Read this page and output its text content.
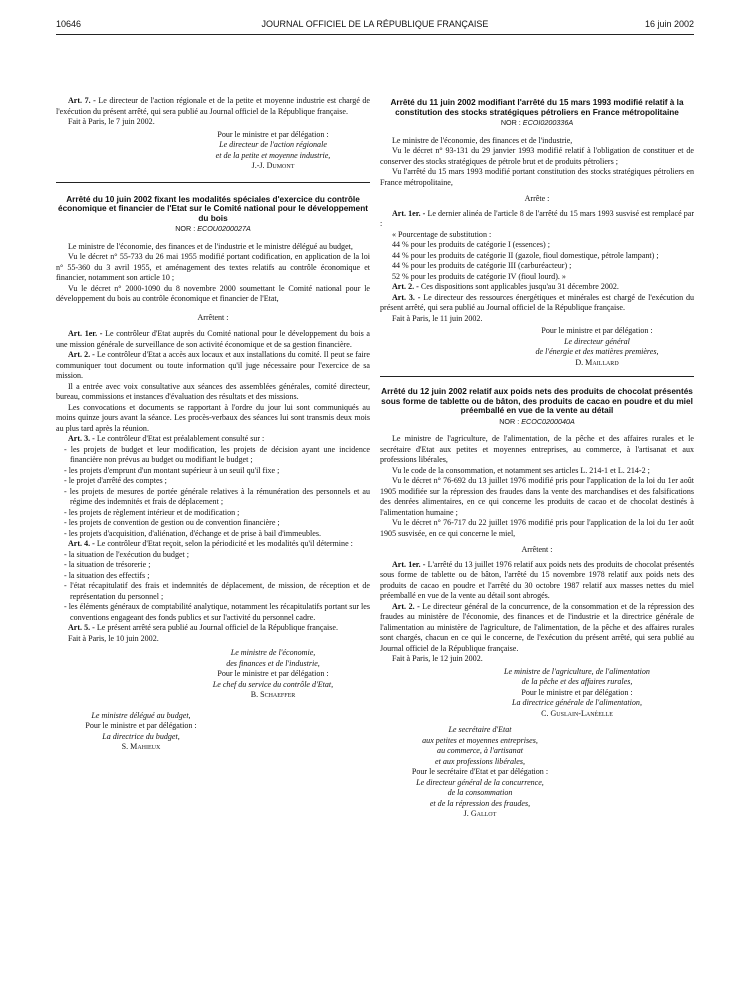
10646	JOURNAL OFFICIEL DE LA RÉPUBLIQUE FRANÇAISE	16 juin 2002

Art. 7. - Le directeur de l'action régionale et de la petite et moyenne industrie est chargé de l'exécution du présent arrêté, qui sera publié au Journal officiel de la République française.

Fait à Paris, le 7 juin 2002.

Pour le ministre et par délégation :

Le directeur de l'action régionale

et de la petite et moyenne industrie,

J.-J. Dumont

Arrêté du 10 juin 2002 fixant les modalités spéciales d'exercice du contrôle économique et financier de l'Etat sur le Comité national pour le développement du bois

NOR : ECOU0200027A

Le ministre de l'économie, des finances et de l'industrie et le ministre délégué au budget,

Vu le décret n° 55-733 du 26 mai 1955 modifié portant codification, en application de la loi n° 55-360 du 3 avril 1955, et aménagement des textes relatifs au contrôle économique et financier, notamment son article 10 ;

Vu le décret n° 2000-1090 du 8 novembre 2000 soumettant le Comité national pour le développement du bois au contrôle économique et financier de l'Etat,

Arrêtent :

Art. 1er. - Le contrôleur d'Etat auprès du Comité national pour le développement du bois a une mission générale de surveillance de son activité économique et de sa gestion financière.

Art. 2. - Le contrôleur d'Etat a accès aux locaux et aux installations du comité. Il peut se faire communiquer tout document ou toute information qu'il juge nécessaire pour l'exercice de sa mission.

Il a entrée avec voix consultative aux séances des assemblées générales, comité directeur, bureau, commissions et instances d'évaluation des résultats et des missions.

Les convocations et documents se rapportant à l'ordre du jour lui sont communiqués au moins quinze jours avant la séance. Les procès-verbaux des séances lui sont transmis deux mois au plus tard après la réunion.

Art. 3. - Le contrôleur d'Etat est préalablement consulté sur :

- les projets de budget et leur modification, les projets de décision ayant une incidence financière non prévus au budget ou modifiant le budget ;

- les projets d'emprunt d'un montant supérieur à un seuil qu'il fixe ;

- le projet d'arrêté des comptes ;

- les projets de mesures de portée générale relatives à la rémunération des personnels et au régime des indemnités et frais de déplacement ;

- les projets de règlement intérieur et de modification ;

- les projets de convention de gestion ou de convention financière ;

- les projets d'acquisition, d'aliénation, d'échange et de prise à bail d'immeubles.

Art. 4. - Le contrôleur d'Etat reçoit, selon la périodicité et les modalités qu'il détermine :

- la situation de l'exécution du budget ;

- la situation de trésorerie ;

- la situation des effectifs ;

- l'état récapitulatif des frais et indemnités de déplacement, de mission, de réception et de représentation du personnel ;

- les éléments généraux de comptabilité analytique, notamment les récapitulatifs portant sur les conventions engageant des fonds publics et sur l'activité du personnel cadre.

Art. 5. - Le présent arrêté sera publié au Journal officiel de la République française.

Fait à Paris, le 10 juin 2002.

Le ministre de l'économie,

des finances et de l'industrie,

Pour le ministre et par délégation :

Le chef du service du contrôle d'Etat,

B. Schaeffer

Le ministre délégué au budget,

Pour le ministre et par délégation :

La directrice du budget,

S. Mahieux

Arrêté du 11 juin 2002 modifiant l'arrêté du 15 mars 1993 modifié relatif à la constitution des stocks stratégiques pétroliers en France métropolitaine

NOR : ECOI0200336A

Le ministre de l'économie, des finances et de l'industrie,

Vu le décret n° 93-131 du 29 janvier 1993 modifié relatif à l'obligation de constituer et de conserver des stocks stratégiques de pétrole brut et de produits pétroliers ;

Vu l'arrêté du 15 mars 1993 modifié portant constitution des stocks stratégiques pétroliers en France métropolitaine,

Arrête :

Art. 1er. - Le dernier alinéa de l'article 8 de l'arrêté du 15 mars 1993 susvisé est remplacé par :

« Pourcentage de substitution :

44 % pour les produits de catégorie I (essences) ;

44 % pour les produits de catégorie II (gazole, fioul domestique, pétrole lampant) ;

44 % pour les produits de catégorie III (carburéacteur) ;

52 % pour les produits de catégorie IV (fioul lourd). »

Art. 2. - Ces dispositions sont applicables jusqu'au 31 décembre 2002.

Art. 3. - Le directeur des ressources énergétiques et minérales est chargé de l'exécution du présent arrêté, qui sera publié au Journal officiel de la République française.

Fait à Paris, le 11 juin 2002.

Pour le ministre et par délégation :

Le directeur général

de l'énergie et des matières premières,

D. Maillard

Arrêté du 12 juin 2002 relatif aux poids nets des produits de chocolat présentés sous forme de tablette ou de bâton, des produits de cacao en poudre et du miel préemballé en vue de la vente au détail

NOR : ECOC0200040A

Le ministre de l'agriculture, de l'alimentation, de la pêche et des affaires rurales et le secrétaire d'Etat aux petites et moyennes entreprises, au commerce, à l'artisanat et aux professions libérales,

Vu le code de la consommation, et notamment ses articles L. 214-1 et L. 214-2 ;

Vu le décret n° 76-692 du 13 juillet 1976 modifié pris pour l'application de la loi du 1er août 1905 modifiée sur la répression des fraudes dans la vente des marchandises et des falsifications des denrées alimentaires, en ce qui concerne les produits de cacao et de chocolat destinés à l'alimentation humaine ;

Vu le décret n° 76-717 du 22 juillet 1976 modifié pris pour l'application de la loi du 1er août 1905 susvisée, en ce qui concerne le miel,

Arrêtent :

Art. 1er. - L'arrêté du 13 juillet 1976 relatif aux poids nets des produits de chocolat présentés sous forme de tablette ou de bâton, l'arrêté du 15 novembre 1978 relatif aux poids nets des produits de cacao en poudre et l'arrêté du 30 octobre 1987 relatif aux masses nettes du miel préemballé en vue de la vente au détail sont abrogés.

Art. 2. - Le directeur général de la concurrence, de la consommation et de la répression des fraudes au ministère de l'économie, des finances et de l'industrie et la directrice générale de l'alimentation au ministère de l'agriculture, de l'alimentation, de la pêche et des affaires rurales sont chargés, chacun en ce qui le concerne, de l'exécution du présent arrêté, qui sera publié au Journal officiel de la République française.

Fait à Paris, le 12 juin 2002.

Le ministre de l'agriculture, de l'alimentation

de la pêche et des affaires rurales,

Pour le ministre et par délégation :

La directrice générale de l'alimentation,

C. Guslain-Lanéelle

Le secrétaire d'Etat

aux petites et moyennes entreprises,

au commerce, à l'artisanat

et aux professions libérales,

Pour le secrétaire d'Etat et par délégation :

Le directeur général de la concurrence,

de la consommation

et de la répression des fraudes,

J. Gallot
